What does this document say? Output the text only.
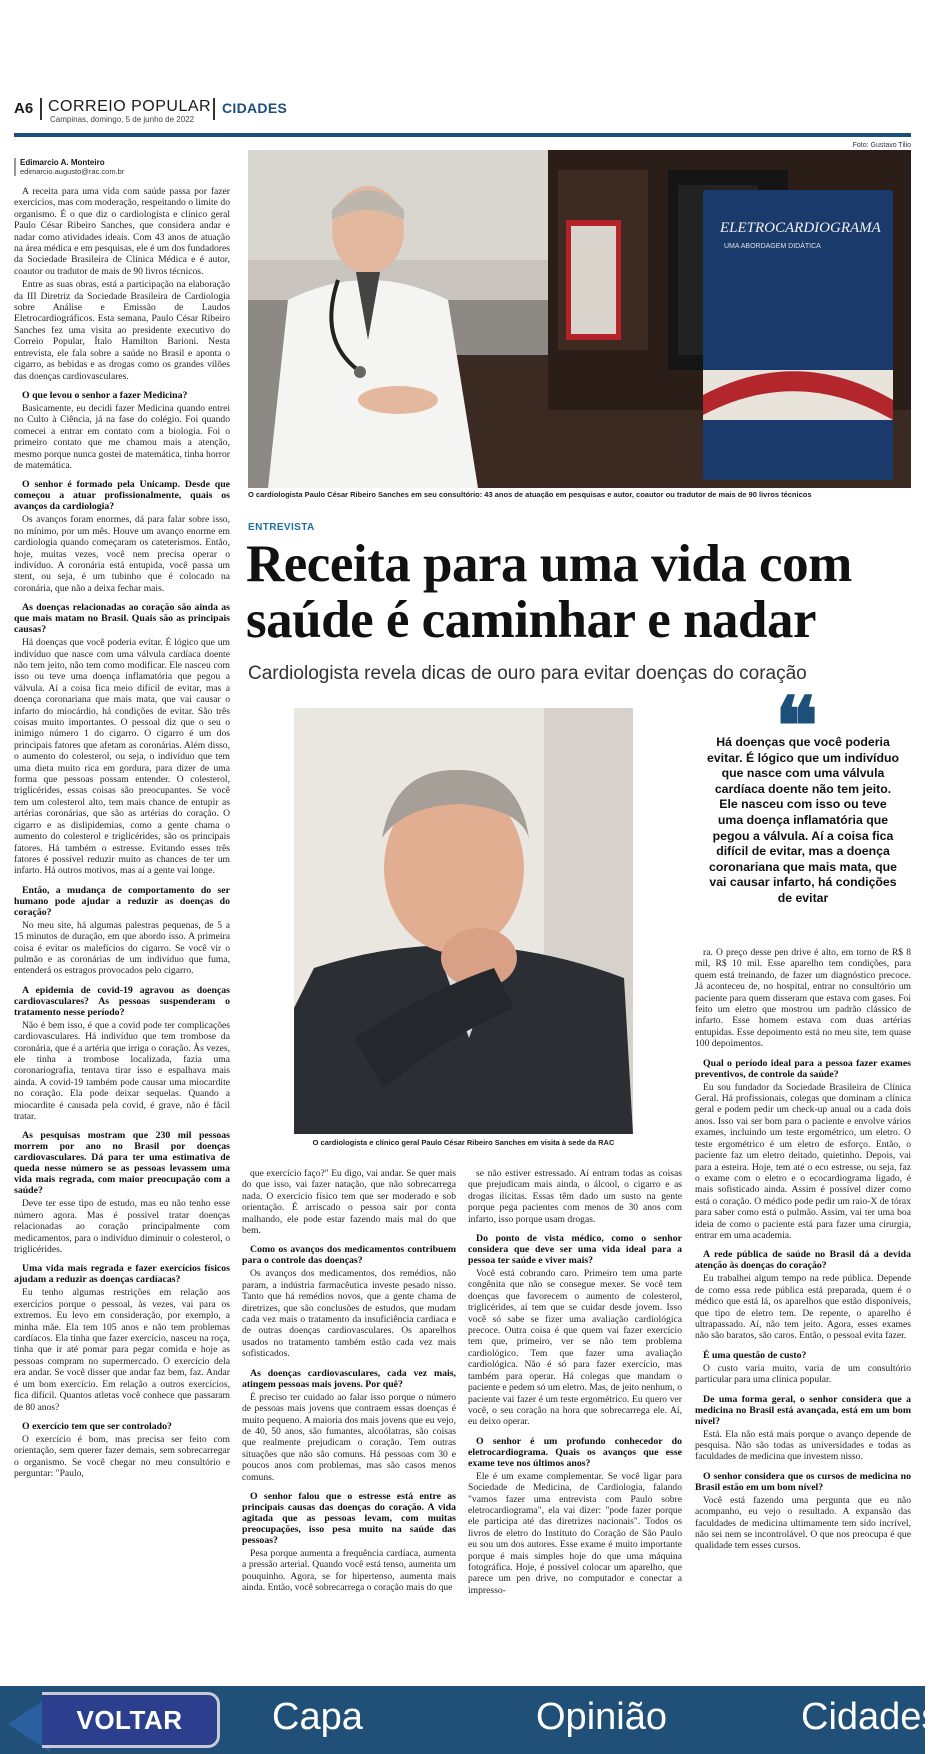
A6 CORREIO POPULAR
Campinas, domingo, 5 de junho de 2022
CIDADES
Foto: Gustavo Tilio
Edimarcio A. Monteiro
edimarcio.augusto@rac.com.br

A receita para uma vida com saúde passa por fazer exercícios, mas com moderação, respeitando o limite do organismo. É o que diz o cardiologista e clínico geral Paulo César Ribeiro Sanches, que considera andar e nadar como atividades ideais. Com 43 anos de atuação na área médica e em pesquisas, ele é um dos fundadores da Sociedade Brasileira de Clínica Médica e é autor, coautor ou tradutor de mais de 90 livros técnicos.

Entre as suas obras, está a participação na elaboração da III Diretriz da Sociedade Brasileira de Cardiologia sobre Análise e Emissão de Laudos Eletrocardiográficos. Esta semana, Paulo César Ribeiro Sanches fez uma visita ao presidente executivo do Correio Popular, Ítalo Hamilton Barioni. Nesta entrevista, ele fala sobre a saúde no Brasil e aponta o cigarro, as bebidas e as drogas como os grandes vilões das doenças cardiovasculares.

O que levou o senhor a fazer Medicina?

Basicamente, eu decidi fazer Medicina quando entrei no Culto à Ciência, já na fase do colégio. Foi quando comecei a entrar em contato com a biologia. Foi o primeiro contato que me chamou mais a atenção, mesmo porque nunca gostei de matemática, tinha horror de matemática.

O senhor é formado pela Unicamp. Desde que começou a atuar profissionalmente, quais os avanços da cardiologia?

Os avanços foram enormes, dá para falar sobre isso, no mínimo, por um mês. Houve um avanço enorme em cardiologia quando começaram os cateterismos. Então, hoje, muitas vezes, você nem precisa operar o indivíduo. A coronária está entupida, você passa um stent, ou seja, é um tubinho que é colocado na coronária, que não a deixa fechar mais.

As doenças relacionadas ao coração são ainda as que mais matam no Brasil. Quais são as principais causas?

Há doenças que você poderia evitar. É lógico que um indivíduo que nasce com uma válvula cardíaca doente não tem jeito, não tem como modificar. Ele nasceu com isso ou teve uma doença inflamatória que pegou a válvula. Aí a coisa fica meio difícil de evitar, mas a doença coronariana que mais mata, que vai causar o infarto do miocárdio, há condições de evitar. São três coisas muito importantes. O pessoal diz que o seu o inimigo número 1 do cigarro. O cigarro é um dos principais fatores que afetam as coronárias. Além disso, o aumento do colesterol, ou seja, o indivíduo que tem uma dieta muito rica em gordura, para dizer de uma forma que pessoas possam entender. O colesterol, triglicérides, essas coisas são preocupantes. Se você tem um colesterol alto, tem mais chance de entupir as artérias coronárias, que são as artérias do coração. O cigarro e as dislipidemias, como a gente chama o aumento do colesterol e triglicérides, são os principais fatores. Há também o estresse. Evitando esses três fatores é possível reduzir muito as chances de ter um infarto. Há outros motivos, mas aí a gente vai longe.

Então, a mudança de comportamento do ser humano pode ajudar a reduzir as doenças do coração?

No meu site, há algumas palestras pequenas, de 5 a 15 minutos de duração, em que abordo isso. A primeira coisa é evitar os malefícios do cigarro. Se você vir o pulmão e as coronárias de um indivíduo que fuma, entenderá os estragos provocados pelo cigarro.

A epidemia de covid-19 agravou as doenças cardiovasculares? As pessoas suspenderam o tratamento nesse período?

Não é bem isso, é que a covid pode ter complicações cardiovasculares. Há indivíduo que tem trombose da coronária, que é a artéria que irriga o coração. Às vezes, ele tinha a trombose localizada, fazia uma coronariografia, tentava tirar isso e espalhava mais ainda. A covid-19 também pode causar uma miocardite no coração. Ela pode deixar sequelas. Quando a miocardite é causada pela covid, é grave, não é fácil tratar.

As pesquisas mostram que 230 mil pessoas morrem por ano no Brasil por doenças cardiovasculares. Dá para ter uma estimativa de queda nesse número se as pessoas levassem uma vida mais regrada, com maior preocupação com a saúde?

Deve ter esse tipo de estudo, mas eu não tenho esse número agora. Mas é possível tratar doenças relacionadas ao coração principalmente com medicamentos, para o indivíduo diminuir o colesterol, o triglicérides.

Uma vida mais regrada e fazer exercícios físicos ajudam a reduzir as doenças cardíacas?

Eu tenho algumas restrições em relação aos exercícios porque o pessoal, às vezes, vai para os extremos. Eu levo em consideração, por exemplo, a minha mãe. Ela tem 105 anos e não tem problemas cardíacos. Ela tinha que fazer exercício, nasceu na roça, tinha que ir até pomar para pegar comida e hoje as pessoas compram no supermercado. O exercício dela era andar. Se você disser que andar faz bem, faz. Andar é um bom exercício. Em relação a outros exercícios, fica difícil. Quantos atletas você conhece que passaram de 80 anos?

O exercício tem que ser controlado?

O exercício é bom, mas precisa ser feito com orientação, sem querer fazer demais, sem sobrecarregar o organismo. Se você chegar no meu consultório e perguntar: "Paulo,

ELETROCARDIOGRAMA
UMA ABORDAGEM DIDÁTICA
O cardiologista Paulo César Ribeiro Sanches em seu consultório: 43 anos de atuação em pesquisas e autor, coautor ou tradutor de mais de 90 livros técnicos
ENTREVISTA
Receita para uma vida com saúde é caminhar e nadar
Cardiologista revela dicas de ouro para evitar doenças do coração
O cardiologista e clínico geral Paulo César Ribeiro Sanches em visita à sede da RAC
❝
Há doenças que você poderia evitar. É lógico que um indivíduo que nasce com uma válvula cardíaca doente não tem jeito. Ele nasceu com isso ou teve uma doença inflamatória que pegou a válvula. Aí a coisa fica difícil de evitar, mas a doença coronariana que mais mata, que vai causar infarto, há condições de evitar

que exercício faço?" Eu digo, vai andar. Se quer mais do que isso, vai fazer natação, que não sobrecarrega nada. O exercício físico tem que ser moderado e sob orientação. É arriscado o pessoa sair por conta malhando, ele pode estar fazendo mais mal do que bem.

Como os avanços dos medicamentos contribuem para o controle das doenças?

Os avanços dos medicamentos, dos remédios, não param, a indústria farmacêutica investe pesado nisso. Tanto que há remédios novos, que a gente chama de diretrizes, que são conclusões de estudos, que mudam cada vez mais o tratamento da insuficiência cardíaca e de outras doenças cardiovasculares. Os aparelhos usados no tratamento também estão cada vez mais sofisticados.

As doenças cardiovasculares, cada vez mais, atingem pessoas mais jovens. Por quê?

É preciso ter cuidado ao falar isso porque o número de pessoas mais jovens que contraem essas doenças é muito pequeno. A maioria dos mais jovens que eu vejo, de 40, 50 anos, são fumantes, alcoólatras, são coisas que realmente prejudicam o coração. Tem outras situações que não são comuns. Há pessoas com 30 e poucos anos com problemas, mas são casos menos comuns.

O senhor falou que o estresse está entre as principais causas das doenças do coração. A vida agitada que as pessoas levam, com muitas preocupações, isso pesa muito na saúde das pessoas?

Pesa porque aumenta a frequência cardíaca, aumenta a pressão arterial. Quando você está tenso, aumenta um pouquinho. Agora, se for hipertenso, aumenta mais ainda. Então, você sobrecarrega o coração mais do que

se não estiver estressado. Aí entram todas as coisas que prejudicam mais ainda, o álcool, o cigarro e as drogas ilícitas. Essas têm dado um susto na gente porque pega pacientes com menos de 30 anos com infarto, isso porque usam drogas.

Do ponto de vista médico, como o senhor considera que deve ser uma vida ideal para a pessoa ter saúde e viver mais?

Você está cobrando caro. Primeiro tem uma parte congênita que não se consegue mexer. Se você tem doenças que favorecem o aumento de colesterol, triglicérides, aí tem que se cuidar desde jovem. Isso você só sabe se fizer uma avaliação cardiológica precoce. Outra coisa é que quem vai fazer exercício tem que, primeiro, ver se não tem problema cardiológico. Tem que fazer uma avaliação cardiológica. Não é só para fazer exercício, mas também para operar. Há colegas que mandam o paciente e pedem só um eletro. Mas, de jeito nenhum, o paciente vai fazer é um teste ergométrico. Eu quero ver você, o seu coração na hora que sobrecarrega ele. Aí, eu deixo operar.

O senhor é um profundo conhecedor do eletrocardiograma. Quais os avanços que esse exame teve nos últimos anos?

Ele é um exame complementar. Se você ligar para Sociedade de Medicina, de Cardiologia, falando "vamos fazer uma entrevista com Paulo sobre eletrocardiograma", ela vai dizer: "pode fazer porque ele participa até das diretrizes nacionais". Todos os livros de eletro do Instituto do Coração de São Paulo eu sou um dos autores. Esse exame é muito importante porque é mais simples hoje do que uma máquina fotográfica. Hoje, é possível colocar um aparelho, que parece um pen drive, no computador e conectar a impresso-

ra. O preço desse pen drive é alto, em torno de R$ 8 mil, R$ 10 mil. Esse aparelho tem condições, para quem está treinando, de fazer um diagnóstico precoce. Já aconteceu de, no hospital, entrar no consultório um paciente para quem disseram que estava com gases. Foi feito um eletro que mostrou um padrão clássico de infarto. Esse homem estava com duas artérias entupidas. Esse depoimento está no meu site, tem quase 100 depoimentos.

Qual o período ideal para a pessoa fazer exames preventivos, de controle da saúde?

Eu sou fundador da Sociedade Brasileira de Clínica Geral. Há profissionais, colegas que dominam a clínica geral e podem pedir um check-up anual ou a cada dois anos. Isso vai ser bom para o paciente e envolve vários exames, incluindo um teste ergométrico, um eletro. O teste ergométrico é um eletro de esforço. Então, o paciente faz um eletro deitado, quietinho. Depois, vai para a esteira. Hoje, tem até o eco estresse, ou seja, faz o exame com o eletro e o ecocardiograma ligado, é mais sofisticado ainda. Assim é possível dizer como está o coração. O médico pode pedir um raio-X de tórax para saber como está o pulmão. Assim, vai ter uma boa ideia de como o paciente está para fazer uma cirurgia, entrar em uma academia.

A rede pública de saúde no Brasil dá a devida atenção às doenças do coração?

Eu trabalhei algum tempo na rede pública. Depende de como essa rede pública está preparada, quem é o médico que está lá, os aparelhos que estão disponíveis, que tipo de eletro tem. De repente, o aparelho é ultrapassado. Aí, não tem jeito. Agora, esses exames não são baratos, são caros. Então, o pessoal evita fazer.

É uma questão de custo?

O custo varia muito, varia de um consultório particular para uma clínica popular.

De uma forma geral, o senhor considera que a medicina no Brasil está avançada, está em um bom nível?

Está. Ela não está mais porque o avanço depende de pesquisa. Não são todas as universidades e todas as faculdades de medicina que investem nisso.

O senhor considera que os cursos de medicina no Brasil estão em um bom nível?

Você está fazendo uma pergunta que eu não acompanho, eu vejo o resultado. A expansão das faculdades de medicina ultimamente tem sido incrível, não sei nem se incontrolável. O que nos preocupa é que qualidade tem esses cursos.

VOLTAR	Capa	Opinião	Cidades
